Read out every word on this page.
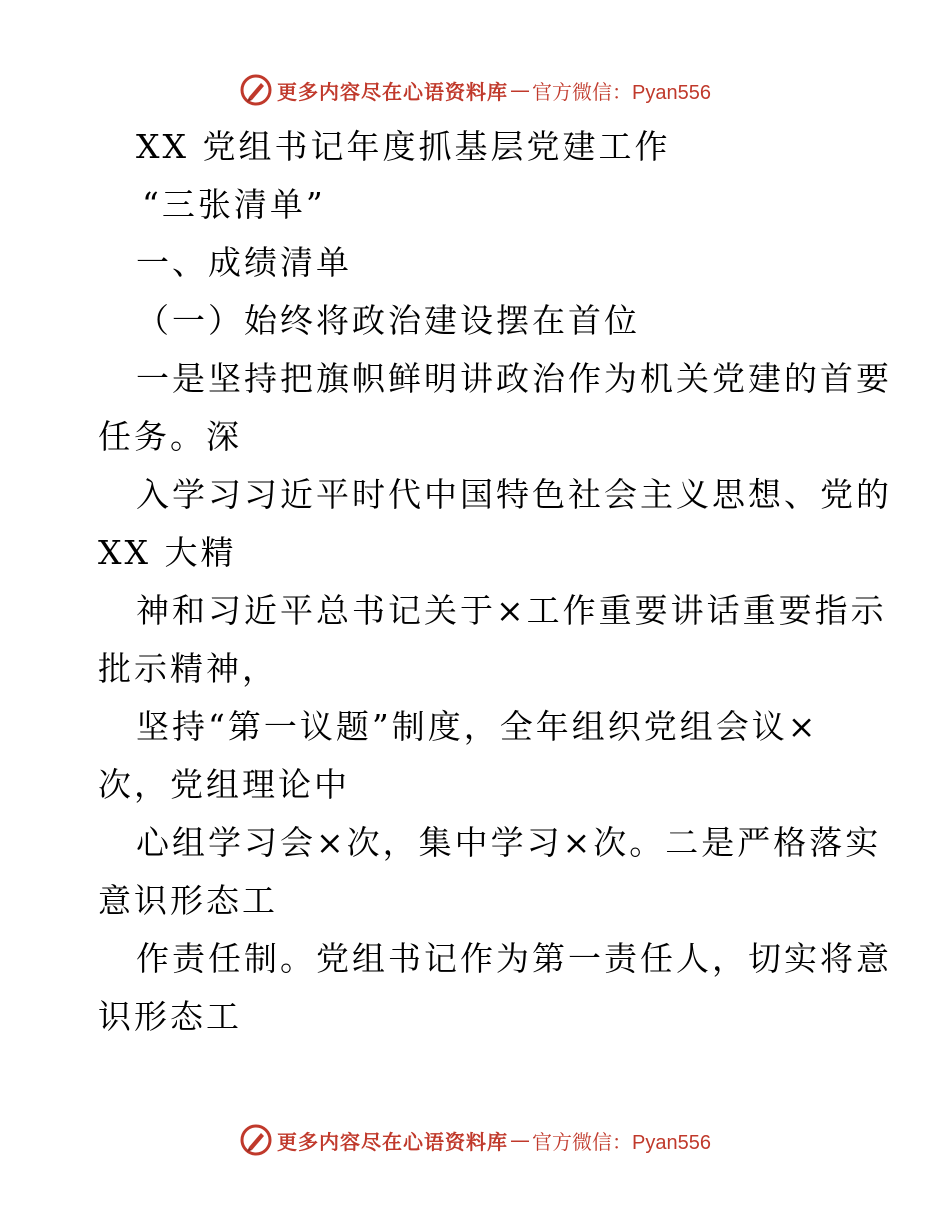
更多内容尽在心语资料库 — 官方微信：Pyan556
XX 党组书记年度抓基层党建工作
“三张清单”
一、成绩清单
（一）始终将政治建设摆在首位
一是坚持把旗帜鲜明讲政治作为机关党建的首要
任务。深
入学习习近平时代中国特色社会主义思想、党的
XX 大精
神和习近平总书记关于×工作重要讲话重要指示
批示精神，
坚持“第一议题”制度，全年组织党组会议×
次，党组理论中
心组学习会×次，集中学习×次。二是严格落实
意识形态工
作责任制。党组书记作为第一责任人，切实将意
识形态工
更多内容尽在心语资料库 — 官方微信：Pyan556
